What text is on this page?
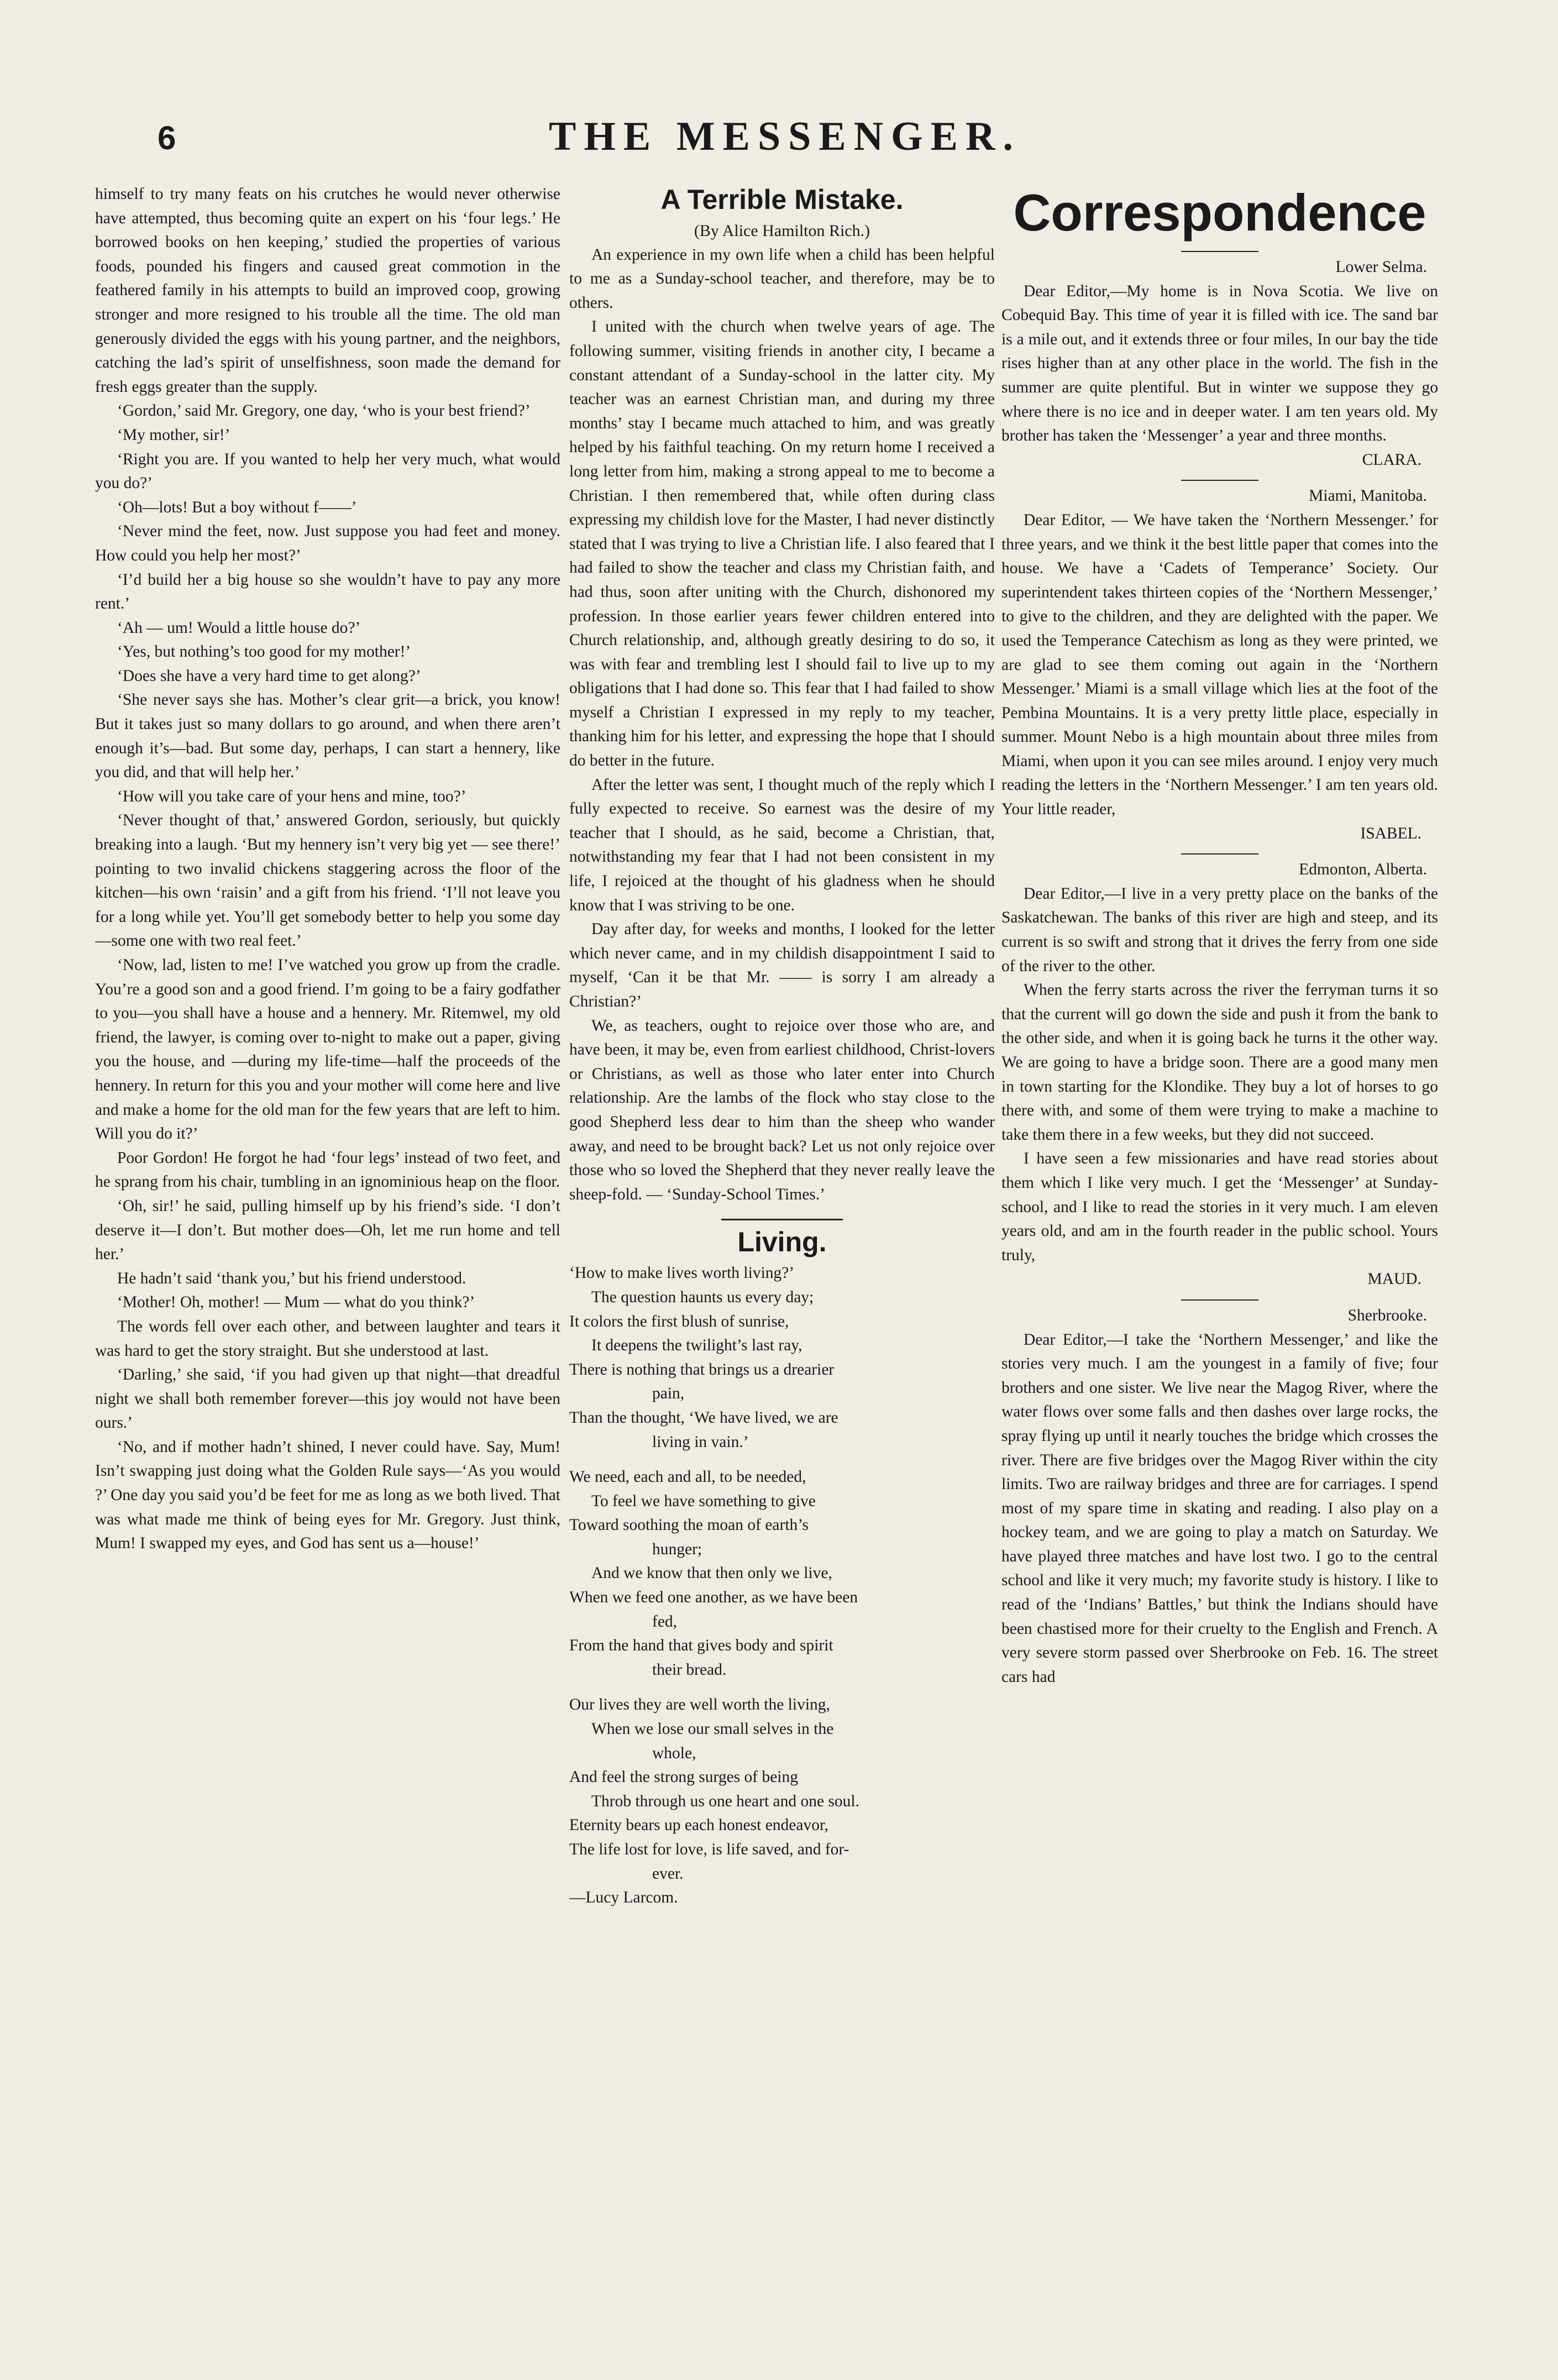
6	THE MESSENGER.

himself to try many feats on his crutches he would never otherwise have attempted, thus becoming quite an expert on his ‘four legs.’ He borrowed books on hen keeping,’ studied the properties of various foods, pounded his fingers and caused great commotion in the feathered family in his attempts to build an improved coop, growing stronger and more resigned to his trouble all the time. The old man generously divided the eggs with his young partner, and the neighbors, catching the lad’s spirit of unselfishness, soon made the demand for fresh eggs greater than the supply.

‘Gordon,’ said Mr. Gregory, one day, ‘who is your best friend?’

‘My mother, sir!’

‘Right you are. If you wanted to help her very much, what would you do?’

‘Oh—lots! But a boy without f——’

‘Never mind the feet, now. Just suppose you had feet and money. How could you help her most?’

‘I’d build her a big house so she wouldn’t have to pay any more rent.’

‘Ah — um! Would a little house do?’

‘Yes, but nothing’s too good for my mother!’

‘Does she have a very hard time to get along?’

‘She never says she has. Mother’s clear grit—a brick, you know! But it takes just so many dollars to go around, and when there aren’t enough it’s—bad. But some day, perhaps, I can start a hennery, like you did, and that will help her.’

‘How will you take care of your hens and mine, too?’

‘Never thought of that,’ answered Gordon, seriously, but quickly breaking into a laugh. ‘But my hennery isn’t very big yet — see there!’ pointing to two invalid chickens staggering across the floor of the kitchen—his own ‘raisin’ and a gift from his friend. ‘I’ll not leave you for a long while yet. You’ll get somebody better to help you some day —some one with two real feet.’

‘Now, lad, listen to me! I’ve watched you grow up from the cradle. You’re a good son and a good friend. I’m going to be a fairy godfather to you—you shall have a house and a hennery. Mr. Ritemwel, my old friend, the lawyer, is coming over to-night to make out a paper, giving you the house, and —during my life-time—half the proceeds of the hennery. In return for this you and your mother will come here and live and make a home for the old man for the few years that are left to him. Will you do it?’

Poor Gordon! He forgot he had ‘four legs’ instead of two feet, and he sprang from his chair, tumbling in an ignominious heap on the floor.

‘Oh, sir!’ he said, pulling himself up by his friend’s side. ‘I don’t deserve it—I don’t. But mother does—Oh, let me run home and tell her.’

He hadn’t said ‘thank you,’ but his friend understood.

‘Mother! Oh, mother! — Mum — what do you think?’

The words fell over each other, and between laughter and tears it was hard to get the story straight. But she understood at last.

‘Darling,’ she said, ‘if you had given up that night—that dreadful night we shall both remember forever—this joy would not have been ours.’

‘No, and if mother hadn’t shined, I never could have. Say, Mum! Isn’t swapping just doing what the Golden Rule says—‘As you would ?’ One day you said you’d be feet for me as long as we both lived. That was what made me think of being eyes for Mr. Gregory. Just think, Mum! I swapped my eyes, and God has sent us a—house!’

A Terrible Mistake.

(By Alice Hamilton Rich.)

An experience in my own life when a child has been helpful to me as a Sunday-school teacher, and therefore, may be to others.

I united with the church when twelve years of age. The following summer, visiting friends in another city, I became a constant attendant of a Sunday-school in the latter city. My teacher was an earnest Christian man, and during my three months’ stay I became much attached to him, and was greatly helped by his faithful teaching. On my return home I received a long letter from him, making a strong appeal to me to become a Christian. I then remembered that, while often during class expressing my childish love for the Master, I had never distinctly stated that I was trying to live a Christian life. I also feared that I had failed to show the teacher and class my Christian faith, and had thus, soon after uniting with the Church, dishonored my profession. In those earlier years fewer children entered into Church relationship, and, although greatly desiring to do so, it was with fear and trembling lest I should fail to live up to my obligations that I had done so. This fear that I had failed to show myself a Christian I expressed in my reply to my teacher, thanking him for his letter, and expressing the hope that I should do better in the future.

After the letter was sent, I thought much of the reply which I fully expected to receive. So earnest was the desire of my teacher that I should, as he said, become a Christian, that, notwithstanding my fear that I had not been consistent in my life, I rejoiced at the thought of his gladness when he should know that I was striving to be one.

Day after day, for weeks and months, I looked for the letter which never came, and in my childish disappointment I said to myself, ‘Can it be that Mr. —— is sorry I am already a Christian?’

We, as teachers, ought to rejoice over those who are, and have been, it may be, even from earliest childhood, Christ-lovers or Christians, as well as those who later enter into Church relationship. Are the lambs of the flock who stay close to the good Shepherd less dear to him than the sheep who wander away, and need to be brought back? Let us not only rejoice over those who so loved the Shepherd that they never really leave the sheep-fold. — ‘Sunday-School Times.’

Living.

‘How to make lives worth living?’

The question haunts us every day;

It colors the first blush of sunrise,

It deepens the twilight’s last ray,

There is nothing that brings us a drearier

pain,

Than the thought, ‘We have lived, we are

living in vain.’

We need, each and all, to be needed,

To feel we have something to give

Toward soothing the moan of earth’s

hunger;

And we know that then only we live,

When we feed one another, as we have been

fed,

From the hand that gives body and spirit

their bread.

Our lives they are well worth the living,

When we lose our small selves in the

whole,

And feel the strong surges of being

Throb through us one heart and one soul.

Eternity bears up each honest endeavor,

The life lost for love, is life saved, and for-

ever.

—Lucy Larcom.

Correspondence

Lower Selma.

Dear Editor,—My home is in Nova Scotia. We live on Cobequid Bay. This time of year it is filled with ice. The sand bar is a mile out, and it extends three or four miles, In our bay the tide rises higher than at any other place in the world. The fish in the summer are quite plentiful. But in winter we suppose they go where there is no ice and in deeper water. I am ten years old. My brother has taken the ‘Messenger’ a year and three months.

CLARA.

Miami, Manitoba.

Dear Editor, — We have taken the ‘Northern Messenger.’ for three years, and we think it the best little paper that comes into the house. We have a ‘Cadets of Temperance’ Society. Our superintendent takes thirteen copies of the ‘Northern Messenger,’ to give to the children, and they are delighted with the paper. We used the Temperance Catechism as long as they were printed, we are glad to see them coming out again in the ‘Northern Messenger.’ Miami is a small village which lies at the foot of the Pembina Mountains. It is a very pretty little place, especially in summer. Mount Nebo is a high mountain about three miles from Miami, when upon it you can see miles around. I enjoy very much reading the letters in the ‘Northern Messenger.’ I am ten years old. Your little reader,

ISABEL.

Edmonton, Alberta.

Dear Editor,—I live in a very pretty place on the banks of the Saskatchewan. The banks of this river are high and steep, and its current is so swift and strong that it drives the ferry from one side of the river to the other.

When the ferry starts across the river the ferryman turns it so that the current will go down the side and push it from the bank to the other side, and when it is going back he turns it the other way. We are going to have a bridge soon. There are a good many men in town starting for the Klondike. They buy a lot of horses to go there with, and some of them were trying to make a machine to take them there in a few weeks, but they did not succeed.

I have seen a few missionaries and have read stories about them which I like very much. I get the ‘Messenger’ at Sunday-school, and I like to read the stories in it very much. I am eleven years old, and am in the fourth reader in the public school. Yours truly,

MAUD.

Sherbrooke.

Dear Editor,—I take the ‘Northern Messenger,’ and like the stories very much. I am the youngest in a family of five; four brothers and one sister. We live near the Magog River, where the water flows over some falls and then dashes over large rocks, the spray flying up until it nearly touches the bridge which crosses the river. There are five bridges over the Magog River within the city limits. Two are railway bridges and three are for carriages. I spend most of my spare time in skating and reading. I also play on a hockey team, and we are going to play a match on Saturday. We have played three matches and have lost two. I go to the central school and like it very much; my favorite study is history. I like to read of the ‘Indians’ Battles,’ but think the Indians should have been chastised more for their cruelty to the English and French. A very severe storm passed over Sherbrooke on Feb. 16. The street cars had
